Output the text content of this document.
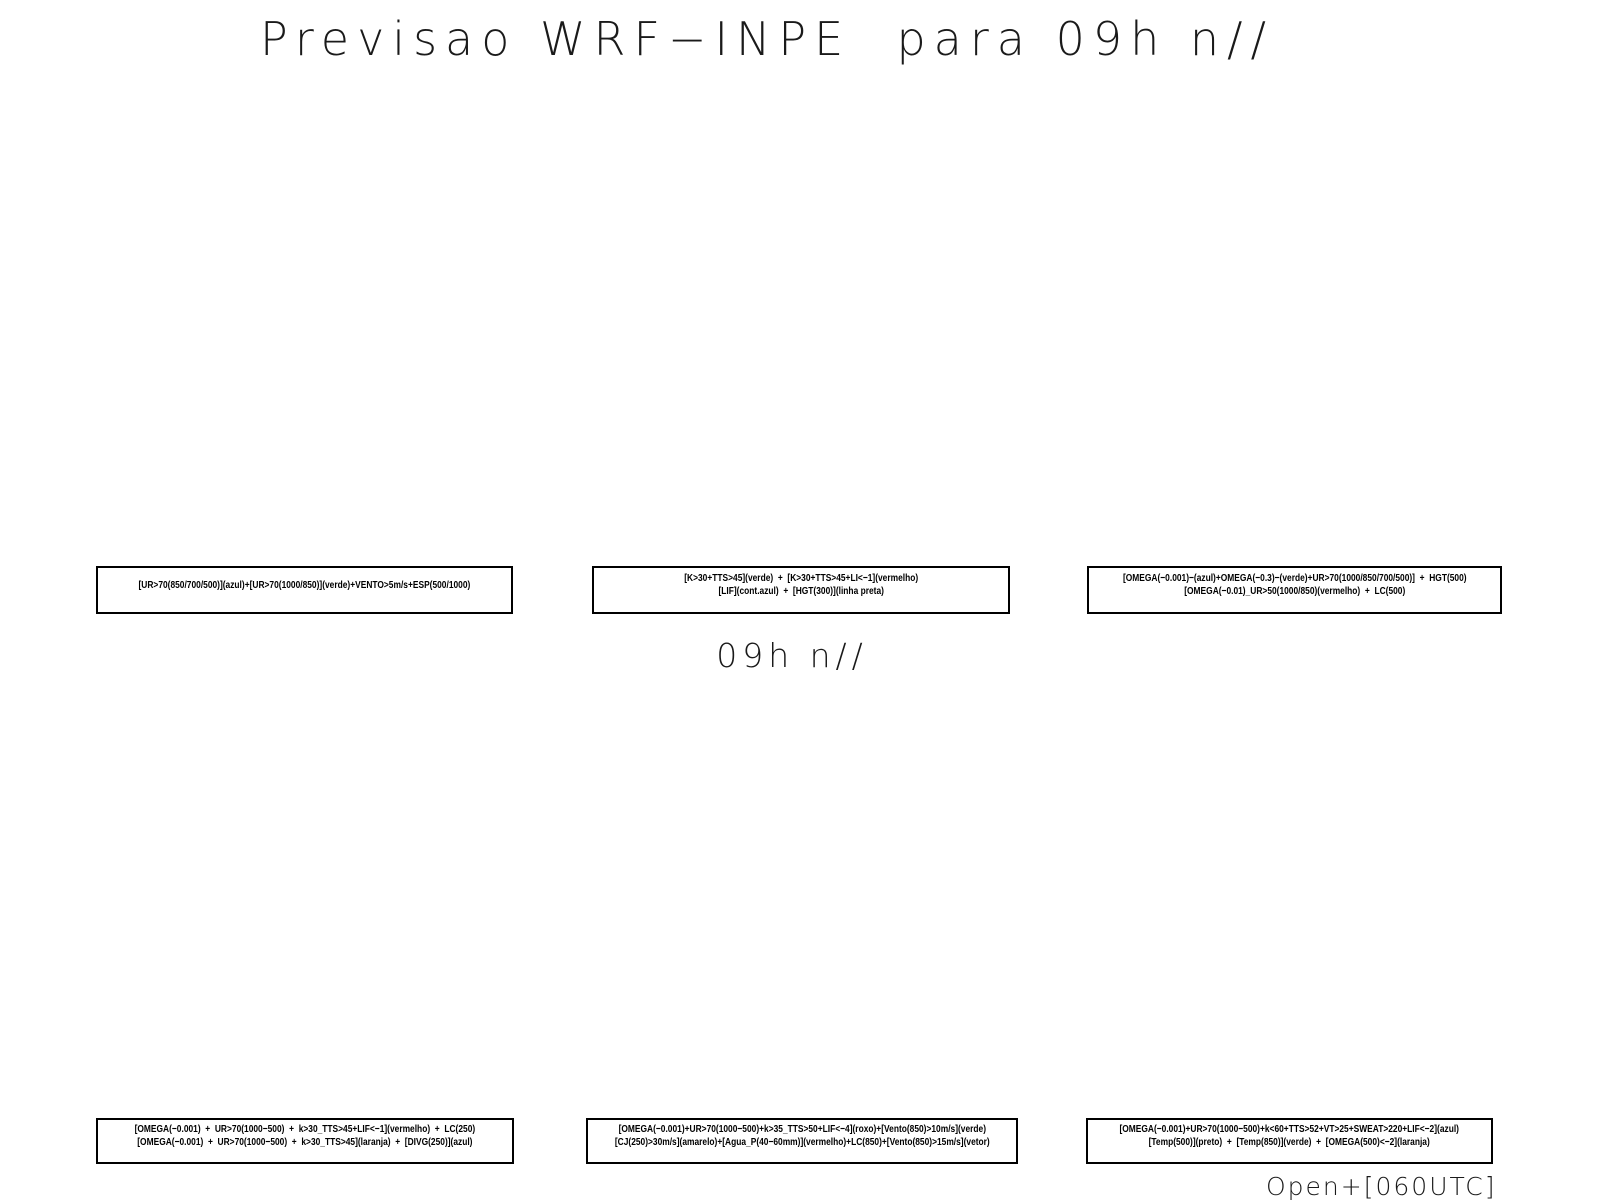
Previsao WRF−INPE  para 09h n//
[UR>70(850/700/500)](azul)+[UR>70(1000/850)](verde)+VENTO>5m/s+ESP(500/1000)
[K>30+TTS>45](verde)  +  [K>30+TTS>45+LI<−1](vermelho)
[LIF](cont.azul)  +  [HGT(300)](linha preta)
[OMEGA(−0.001)−(azul)+OMEGA(−0.3)−(verde)+UR>70(1000/850/700/500)]  +  HGT(500)
[OMEGA(−0.01)_UR>50(1000/850)(vermelho)  +  LC(500)
09h n//
[OMEGA(−0.001)  +  UR>70(1000−500)  +  k>30_TTS>45+LIF<−1](vermelho)  +  LC(250)
[OMEGA(−0.001)  +  UR>70(1000−500)  +  k>30_TTS>45](laranja)  +  [DIVG(250)](azul)
[OMEGA(−0.001)+UR>70(1000−500)+k>35_TTS>50+LIF<−4](roxo)+[Vento(850)>10m/s](verde)
[CJ(250)>30m/s](amarelo)+[Agua_P(40−60mm)](vermelho)+LC(850)+[Vento(850)>15m/s](vetor)
[OMEGA(−0.001)+UR>70(1000−500)+k<60+TTS>52+VT>25+SWEAT>220+LIF<−2](azul)
[Temp(500)](preto)  +  [Temp(850)](verde)  +  [OMEGA(500)<−2](laranja)
Open+[060UTC]
